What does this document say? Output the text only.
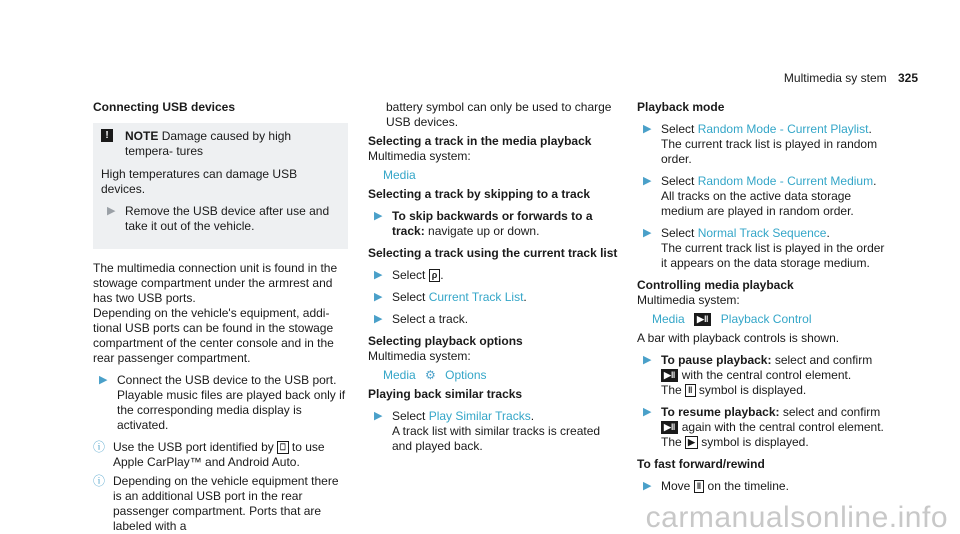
Multimedia sy stem 325

Connecting USB devices

!	NOTE Damage caused by high tempera- tures

High temperatures can damage USB devices.

▶ Remove the USB device after use and take it out of the vehicle.

The multimedia connection unit is found in the stowage compartment under the armrest and has two USB ports.

Depending on the vehicle's equipment, addi- tional USB ports can be found in the stowage compartment of the center console and in the rear passenger compartment.

▶ Connect the USB device to the USB port. Playable music files are played back only if the corresponding media display is activated.
ⓘ Use the USB port identified by ⎕ to use Apple CarPlay™ and Android Auto.
ⓘ Depending on the vehicle equipment there is an additional USB port in the rear passenger compartment. Ports that are labeled with a

battery symbol can only be used to charge USB devices.

Selecting a track in the media playback

Multimedia system:

Media

Selecting a track by skipping to a track

▶ To skip backwards or forwards to a track: navigate up or down.

Selecting a track using the current track list

▶ Select ρ .
▶ Select Current Track List.
▶ Select a track.

Selecting playback options

Multimedia system:

Media ⚙ Options

Playing back similar tracks

▶ Select Play Similar Tracks.
A track list with similar tracks is created and played back.

Playback mode

▶ Select Random Mode - Current Playlist.
The current track list is played in random order.
▶ Select Random Mode - Current Medium.
All tracks on the active data storage medium are played in random order.
▶ Select Normal Track Sequence.
The current track list is played in the order it appears on the data storage medium.

Controlling media playback

Multimedia system:

Media ▶ǁ Playback Control

A bar with playback controls is shown.

▶ To pause playback: select and confirm
▶ǁ with the central control element.
The ǁ symbol is displayed.
▶ To resume playback: select and confirm
▶ǁ again with the central control element.
The ▶ symbol is displayed.

To fast forward/rewind

▶ Move ǁ on the timeline.
carmanualsonline.info
